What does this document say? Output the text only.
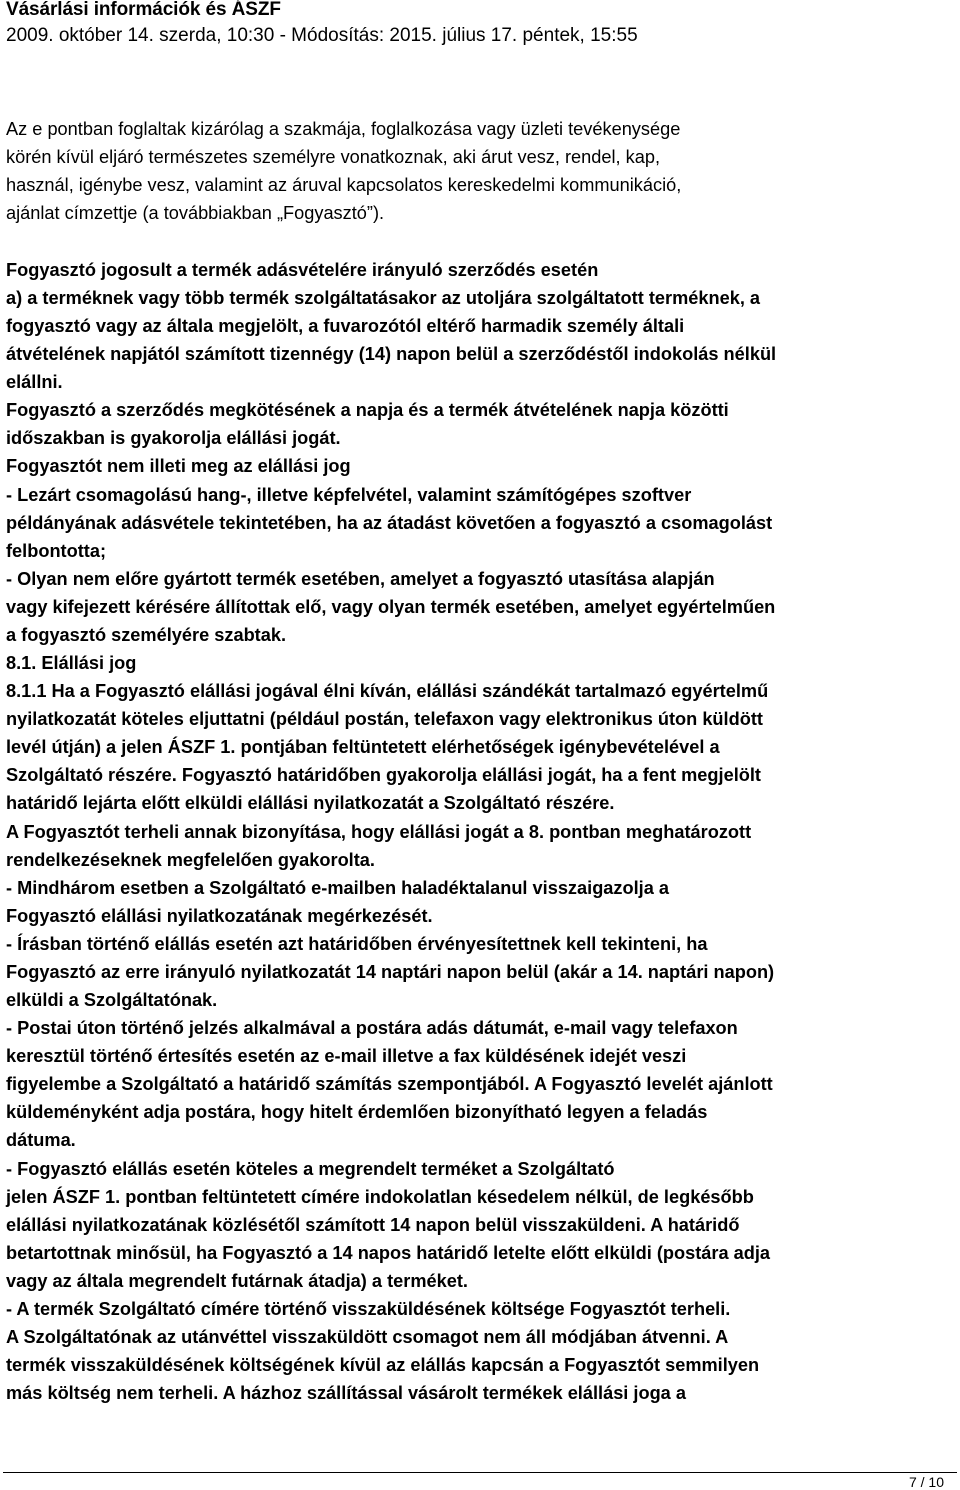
Vásárlási információk és ÁSZF
2009. október 14. szerda, 10:30 - Módosítás: 2015. július 17. péntek, 15:55

Az e pontban foglaltak kizárólag a szakmája, foglalkozása vagy üzleti tevékenysége

körén kívül eljáró természetes személyre vonatkoznak, aki árut vesz, rendel, kap,

használ, igénybe vesz, valamint az áruval kapcsolatos kereskedelmi kommunikáció,

ajánlat címzettje (a továbbiakban „Fogyasztó”).

Fogyasztó jogosult a termék adásvételére irányuló szerződés esetén

a) a terméknek vagy több termék szolgáltatásakor az utoljára szolgáltatott terméknek, a

fogyasztó vagy az általa megjelölt, a fuvarozótól eltérő harmadik személy általi

átvételének napjától számított tizennégy (14) napon belül a szerződéstől indokolás nélkül

elállni.

Fogyasztó a szerződés megkötésének a napja és a termék átvételének napja közötti

időszakban is gyakorolja elállási jogát.

Fogyasztót nem illeti meg az elállási jog

- Lezárt csomagolású hang-, illetve képfelvétel, valamint számítógépes szoftver

példányának adásvétele tekintetében, ha az átadást követően a fogyasztó a csomagolást

felbontotta;

- Olyan nem előre gyártott termék esetében, amelyet a fogyasztó utasítása alapján

vagy kifejezett kérésére állítottak elő, vagy olyan termék esetében, amelyet egyértelműen

a fogyasztó személyére szabtak.

8.1. Elállási jog

8.1.1 Ha a Fogyasztó elállási jogával élni kíván, elállási szándékát tartalmazó egyértelmű

nyilatkozatát köteles eljuttatni (például postán, telefaxon vagy elektronikus úton küldött

levél útján) a jelen ÁSZF 1. pontjában feltüntetett elérhetőségek igénybevételével a

Szolgáltató részére. Fogyasztó határidőben gyakorolja elállási jogát, ha a fent megjelölt

határidő lejárta előtt elküldi elállási nyilatkozatát a Szolgáltató részére.

A Fogyasztót terheli annak bizonyítása, hogy elállási jogát a 8. pontban meghatározott

rendelkezéseknek megfelelően gyakorolta.

- Mindhárom esetben a Szolgáltató e-mailben haladéktalanul visszaigazolja a

Fogyasztó elállási nyilatkozatának megérkezését.

- Írásban történő elállás esetén azt határidőben érvényesítettnek kell tekinteni, ha

Fogyasztó az erre irányuló nyilatkozatát 14 naptári napon belül (akár a 14. naptári napon)

elküldi a Szolgáltatónak.

- Postai úton történő jelzés alkalmával a postára adás dátumát, e-mail vagy telefaxon

keresztül történő értesítés esetén az e-mail illetve a fax küldésének idejét veszi

figyelembe a Szolgáltató a határidő számítás szempontjából. A Fogyasztó levelét ajánlott

küldeményként adja postára, hogy hitelt érdemlően bizonyítható legyen a feladás

dátuma.

- Fogyasztó elállás esetén köteles a megrendelt terméket a Szolgáltató

jelen ÁSZF 1. pontban feltüntetett címére indokolatlan késedelem nélkül, de legkésőbb

elállási nyilatkozatának közlésétől számított 14 napon belül visszaküldeni. A határidő

betartottnak minősül, ha Fogyasztó a 14 napos határidő letelte előtt elküldi (postára adja

vagy az általa megrendelt futárnak átadja) a terméket.

- A termék Szolgáltató címére történő visszaküldésének költsége Fogyasztót terheli.

A Szolgáltatónak az utánvéttel visszaküldött csomagot nem áll módjában átvenni. A

termék visszaküldésének költségének kívül az elállás kapcsán a Fogyasztót semmilyen

más költség nem terheli. A házhoz szállítással vásárolt termékek elállási joga a

7 / 10
